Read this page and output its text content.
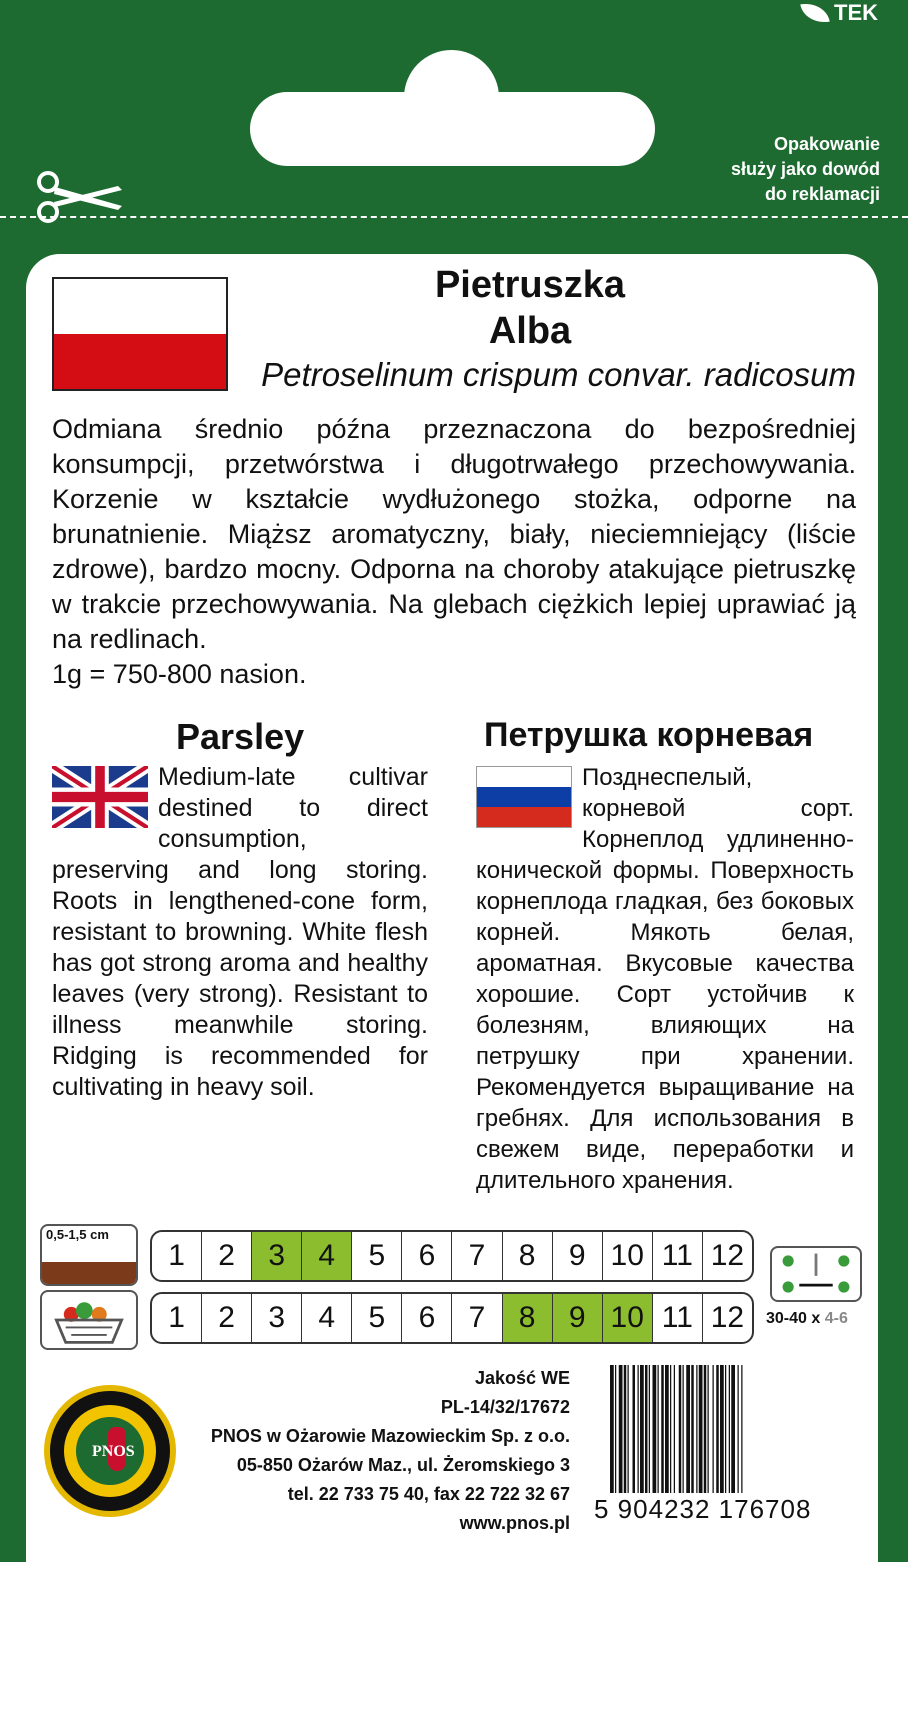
TEK
Opakowanie
służy jako dowód
do reklamacji
Pietruszka
Alba
Petroselinum crispum convar. radicosum
Odmiana średnio późna przeznaczona do bezpośredniej konsumpcji, przetwórstwa i długotrwałego przechowywania. Korzenie w kształcie wydłużonego stożka, odporne na brunatnienie. Miąższ aromatyczny, biały, nieciemniejący (liście zdrowe), bardzo mocny. Odporna na choroby atakujące pietruszkę w trakcie przechowywania. Na glebach ciężkich lepiej uprawiać ją na redlinach.
1g = 750-800 nasion.
Parsley	Петрушка корневая
Medium-late cultivar destined to direct consumption, preserving and long storing. Roots in lengthened-cone form, resistant to browning. White flesh has got strong aroma and healthy leaves (very strong). Resistant to illness meanwhile storing. Ridging is recommended for cultivating in heavy soil.
Позднеспелый, корневой сорт. Корнеплод удлиненно-конической формы. Поверхность корнеплода гладкая, без боковых корней. Мякоть белая, ароматная. Вкусовые качества хорошие. Сорт устойчив к болезням, влияющих на петрушку при хранении. Рекомендуется выращивание на гребнях. Для использования в свежем виде, переработки и длительного хранения.
0,5-1,5 cm
1	2	3	4	5	6	7	8	9 10 11 12
1	2	3	4	5	6	7	8	9 10 11 12	30-40 x 4-6
PNOS
Jakość WE
PL-14/32/17672
PNOS w Ożarowie Mazowieckim Sp. z o.o.
05-850 Ożarów Maz., ul. Żeromskiego 3
tel. 22 733 75 40, fax 22 722 32 67
www.pnos.pl 5 904232 176708
